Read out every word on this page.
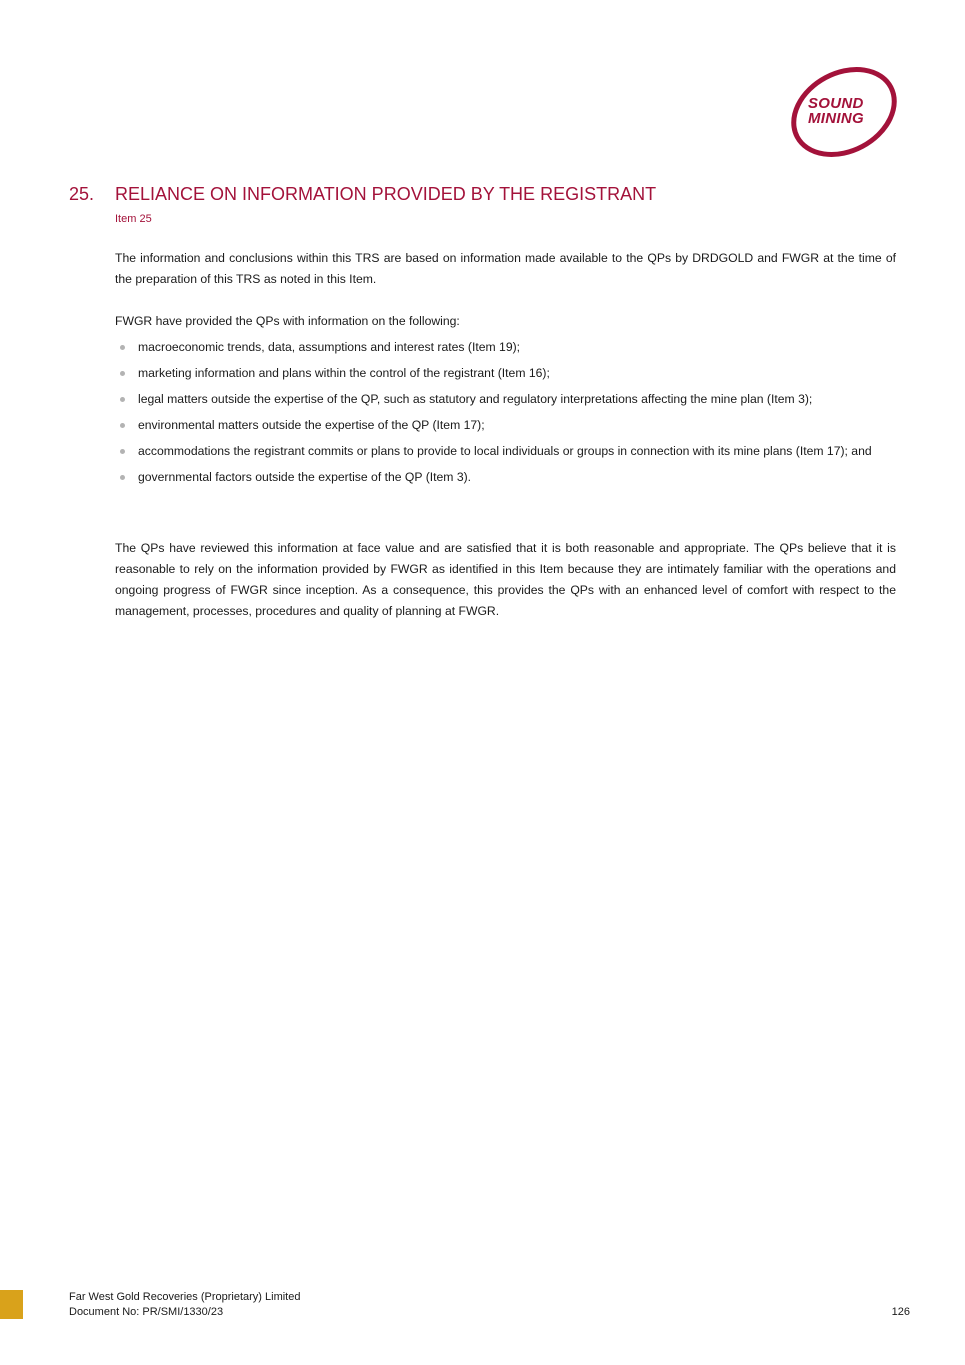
SOUND
MINING
25. RELIANCE ON INFORMATION PROVIDED BY THE REGISTRANT
Item 25
The information and conclusions within this TRS are based on information made available to the QPs by DRDGOLD and FWGR at the time of the preparation of this TRS as noted in this Item.
FWGR have provided the QPs with information on the following:
macroeconomic trends, data, assumptions and interest rates (Item 19);
marketing information and plans within the control of the registrant (Item 16);
legal matters outside the expertise of the QP, such as statutory and regulatory interpretations affecting the mine plan (Item 3);
environmental matters outside the expertise of the QP (Item 17);
accommodations the registrant commits or plans to provide to local individuals or groups in connection with its mine plans (Item 17); and
governmental factors outside the expertise of the QP (Item 3).
The QPs have reviewed this information at face value and are satisfied that it is both reasonable and appropriate. The QPs believe that it is reasonable to rely on the information provided by FWGR as identified in this Item because they are intimately familiar with the operations and ongoing progress of FWGR since inception. As a consequence, this provides the QPs with an enhanced level of comfort with respect to the management, processes, procedures and quality of planning at FWGR.
Far West Gold Recoveries (Proprietary) Limited
Document No: PR/SMI/1330/23	126
